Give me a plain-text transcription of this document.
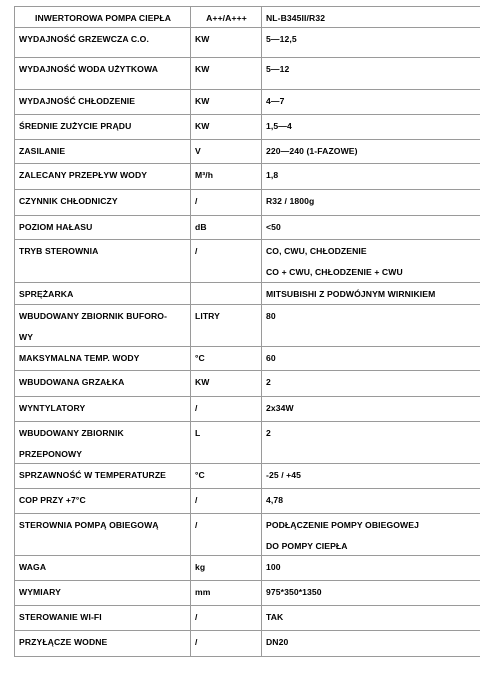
INWERTOROWA POMPA CIEPŁA	A++/A+++	NL-B345II/R32

WYDAJNOŚĆ GRZEWCZA C.O.	KW	5—12,5

WYDAJNOŚĆ WODA UŻYTKOWA	KW	5—12

WYDAJNOŚĆ CHŁODZENIE	KW	4—7

ŚREDNIE ZUŻYCIE PRĄDU	KW	1,5—4

ZASILANIE	V	220—240 (1-FAZOWE)

ZALECANY PRZEPŁYW WODY	M³/h	1,8

CZYNNIK CHŁODNICZY	/	R32 / 1800g

POZIOM HAŁASU	dB	<50

TRYB STEROWNIA	/	CO, CWU, CHŁODZENIE
CO + CWU, CHŁODZENIE + CWU

SPRĘŻARKA		MITSUBISHI Z PODWÓJNYM WIRNIKIEM

WBUDOWANY ZBIORNIK BUFORO-
WY	LITRY	80

MAKSYMALNA TEMP. WODY	°C	60

WBUDOWANA GRZAŁKA	KW	2

WYNTYLATORY	/	2x34W

WBUDOWANY ZBIORNIK
PRZEPONOWY	L	2

SPRZAWNOŚĆ W TEMPERATURZE	°C	-25 / +45

COP PRZY +7°C	/	4,78

STEROWNIA POMPĄ OBIEGOWĄ	/	PODŁĄCZENIE POMPY OBIEGOWEJ
DO POMPY CIEPŁA

WAGA	kg	100

WYMIARY	mm	975*350*1350

STEROWANIE WI-FI	/	TAK

PRZYŁĄCZE WODNE	/	DN20
